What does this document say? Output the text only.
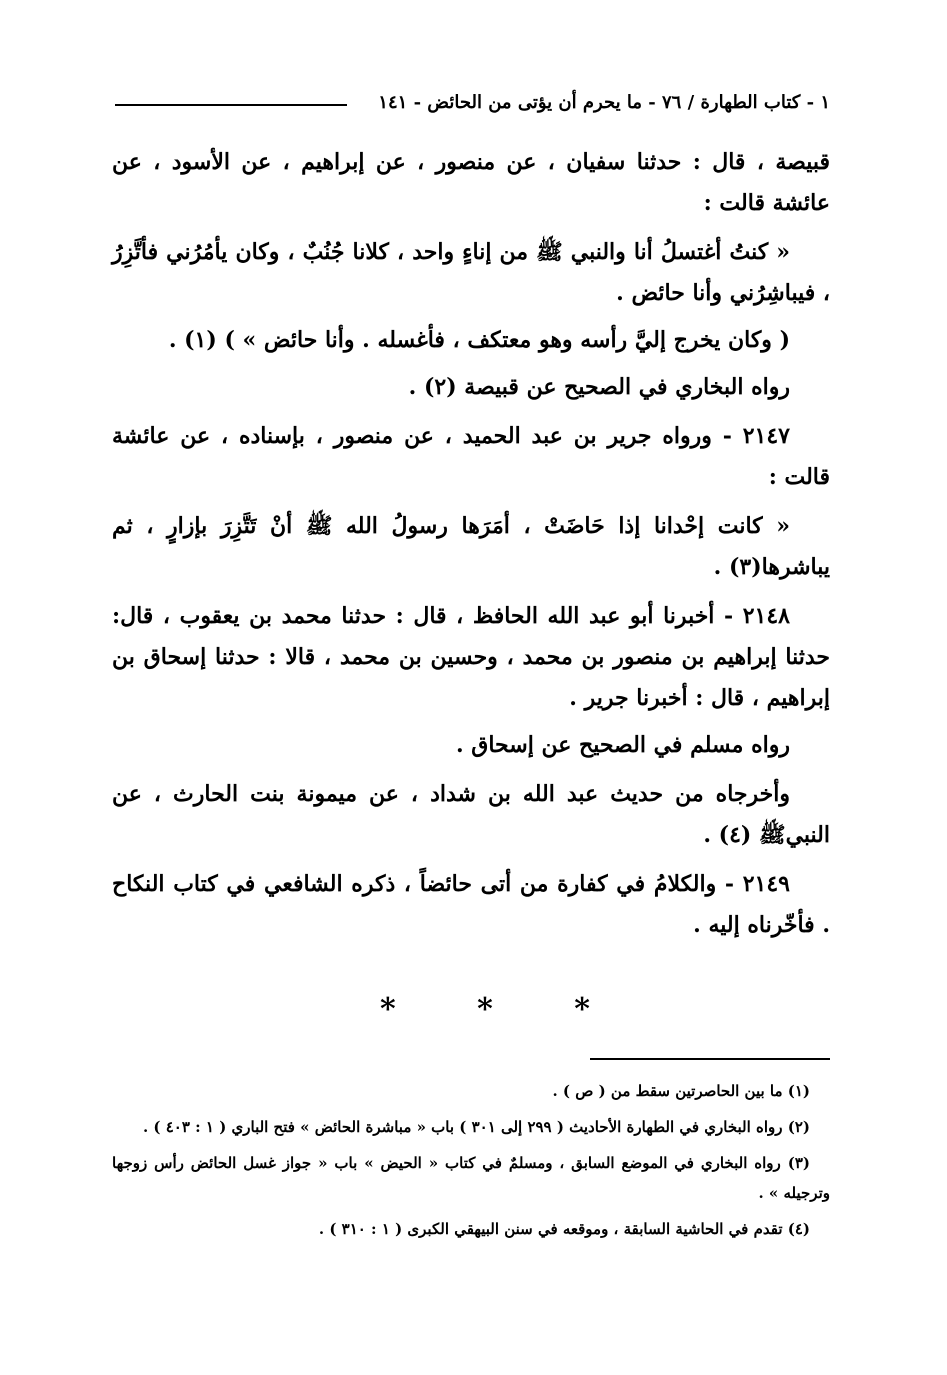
١ - كتاب الطهارة / ٧٦ - ما يحرم أن يؤتى من الحائض - ١٤١

قبيصة ، قال : حدثنا سفيان ، عن منصور ، عن إبراهيم ، عن الأسود ، عن عائشة قالت :

« كنتُ أغتسلُ أنا والنبي ﷺ من إناءٍ واحد ، كلانا جُنُبٌ ، وكان يأمُرُني فأتَّزِرُ ، فيباشِرُني وأنا حائض .

( وكان يخرج إليَّ رأسه وهو معتكف ، فأغسله . وأنا حائض » ) (١) .

رواه البخاري في الصحيح عن قبيصة (٢) .

٢١٤٧ - ورواه جرير بن عبد الحميد ، عن منصور ، بإسناده ، عن عائشة قالت :

« كانت إحْدانا إذا حَاضَتْ ، أمَرَها رسولُ الله ﷺ أنْ تَتَّزِرَ بإزارٍ ، ثم يباشرها(٣) .

٢١٤٨ - أخبرنا أبو عبد الله الحافظ ، قال : حدثنا محمد بن يعقوب ، قال: حدثنا إبراهيم بن منصور بن محمد ، وحسين بن محمد ، قالا : حدثنا إسحاق بن إبراهيم ، قال : أخبرنا جرير .

رواه مسلم في الصحيح عن إسحاق .

وأخرجاه من حديث عبد الله بن شداد ، عن ميمونة بنت الحارث ، عن النبيﷺ (٤) .

٢١٤٩ - والكلامُ في كفارة من أتى حائضاً ، ذكره الشافعي في كتاب النكاح . فأخّرناه إليه .

*	*	*

(١) ما بين الحاصرتين سقط من ( ص ) .

(٢) رواه البخاري في الطهارة الأحاديث ( ٢٩٩ إلى ٣٠١ ) باب « مباشرة الحائض » فتح الباري ( ١ : ٤٠٣ ) .

(٣) رواه البخاري في الموضع السابق ، ومسلمٌ في كتاب « الحيض » باب « جواز غسل الحائض رأس زوجها وترجيله » .

(٤) تقدم في الحاشية السابقة ، وموقعه في سنن البيهقي الكبرى ( ١ : ٣١٠ ) .
